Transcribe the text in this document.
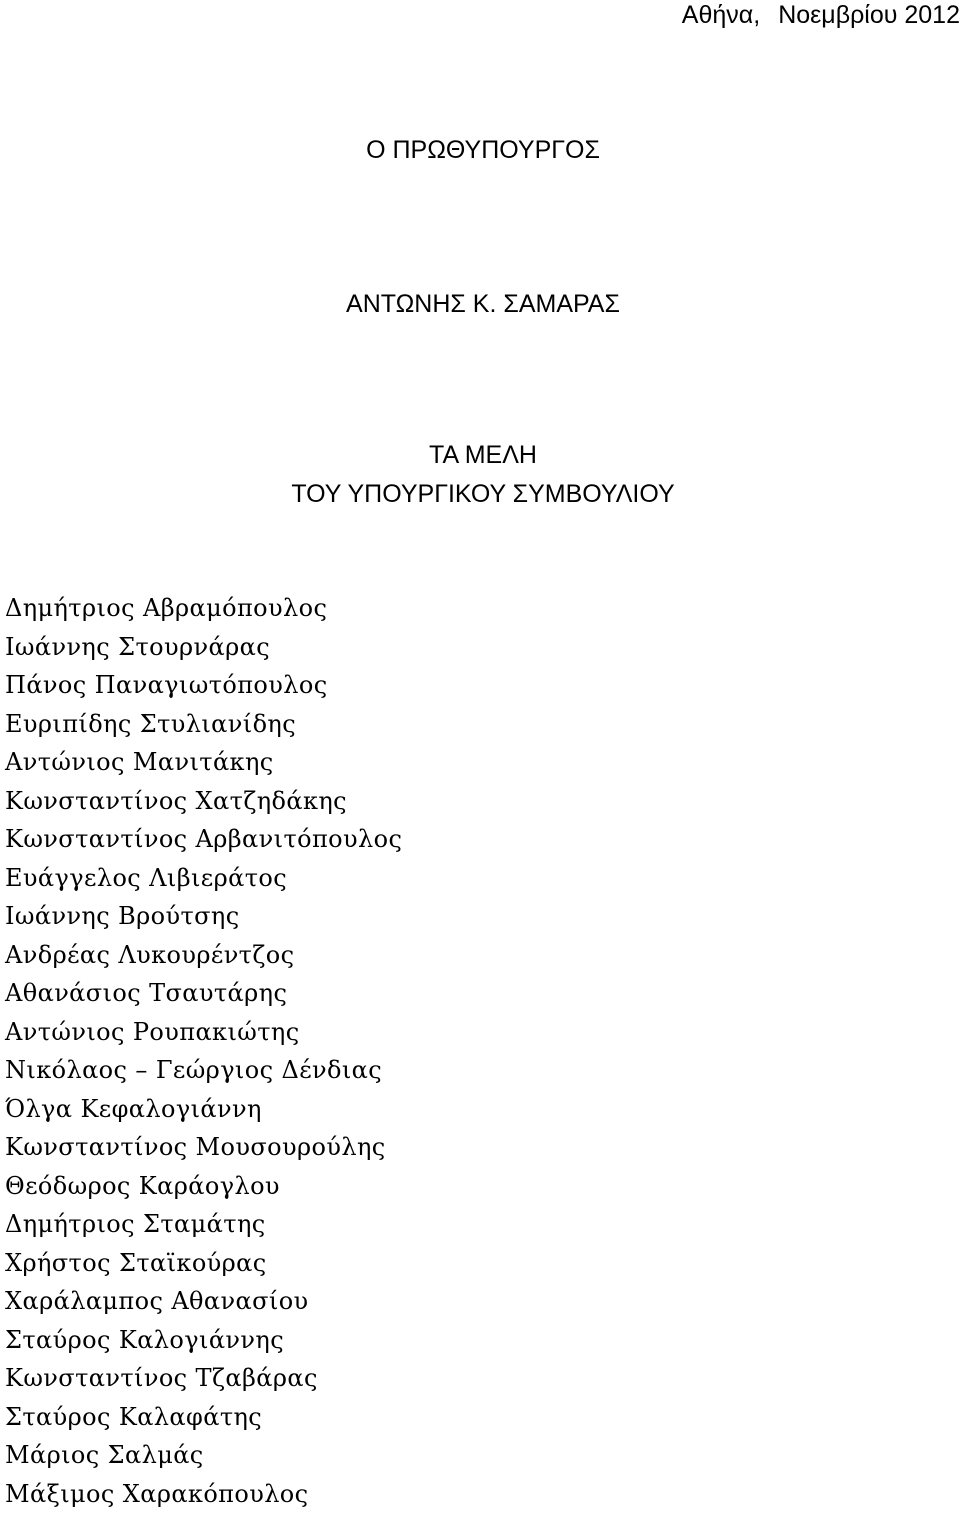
Αθήνα, Νοεμβρίου 2012
Ο ΠΡΩΘΥΠΟΥΡΓΟΣ
ΑΝΤΩΝΗΣ Κ. ΣΑΜΑΡΑΣ
ΤΑ ΜΕΛΗ
ΤΟΥ ΥΠΟΥΡΓΙΚΟΥ ΣΥΜΒΟΥΛΙΟΥ
Δημήτριος Αβραμόπουλος
Ιωάννης Στουρνάρας
Πάνος Παναγιωτόπουλος
Ευριπίδης Στυλιανίδης
Αντώνιος Μανιτάκης
Κωνσταντίνος Χατζηδάκης
Κωνσταντίνος Αρβανιτόπουλος
Ευάγγελος Λιβιεράτος
Ιωάννης Βρούτσης
Ανδρέας Λυκουρέντζος
Αθανάσιος Τσαυτάρης
Αντώνιος Ρουπακιώτης
Νικόλαος – Γεώργιος Δένδιας
Όλγα Κεφαλογιάννη
Κωνσταντίνος Μουσουρούλης
Θεόδωρος Καράογλου
Δημήτριος Σταμάτης
Χρήστος Σταϊκούρας
Χαράλαμπος Αθανασίου
Σταύρος Καλογιάννης
Κωνσταντίνος Τζαβάρας
Σταύρος Καλαφάτης
Μάριος Σαλμάς
Μάξιμος Χαρακόπουλος
